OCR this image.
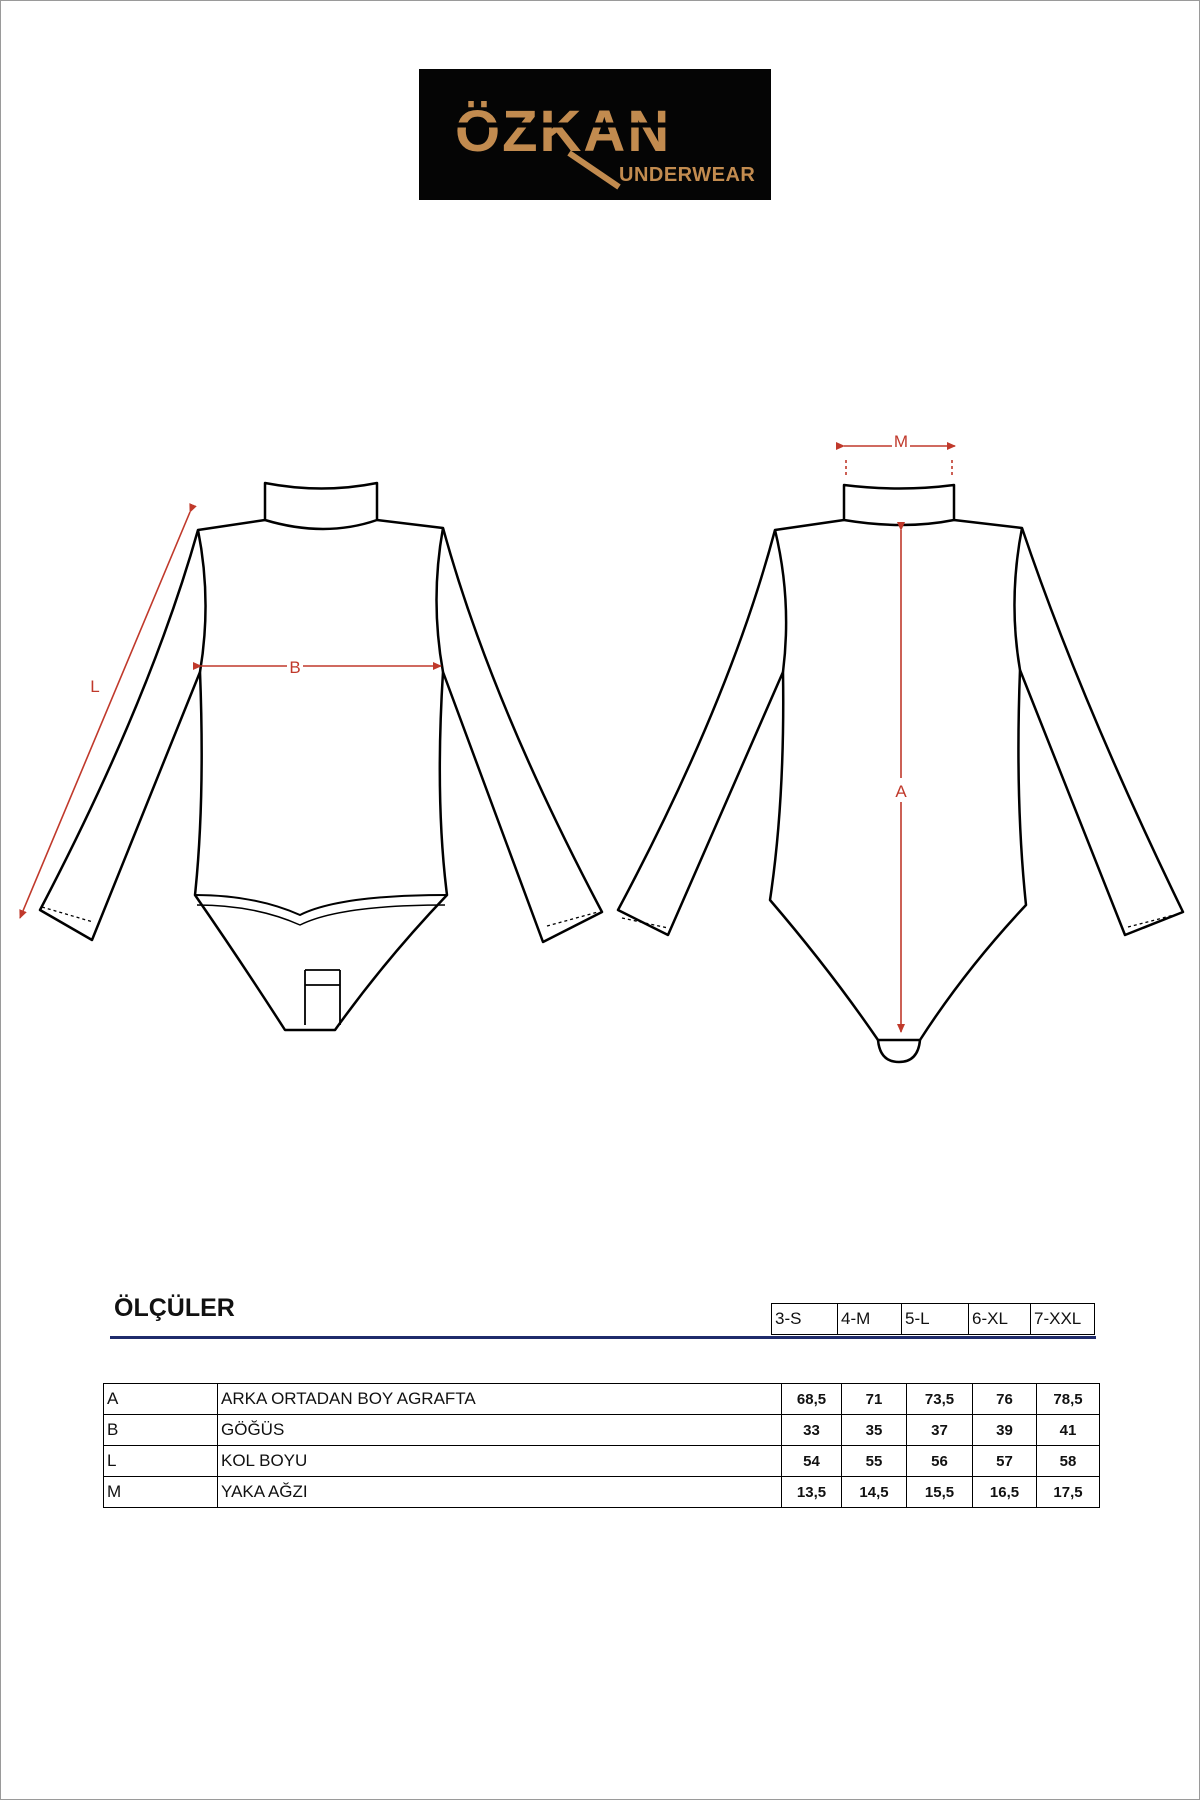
ÖZKAN
UNDERWEAR
L
B
M
A
ÖLÇÜLER	3-S	4-M	5-L	6-XL	7-XXL
A	ARKA ORTADAN BOY AGRAFTA	68,5	71	73,5	76	78,5
B	GÖĞÜS	33	35	37	39	41
L	KOL BOYU	54	55	56	57	58
M	YAKA AĞZI	13,5	14,5	15,5	16,5	17,5
